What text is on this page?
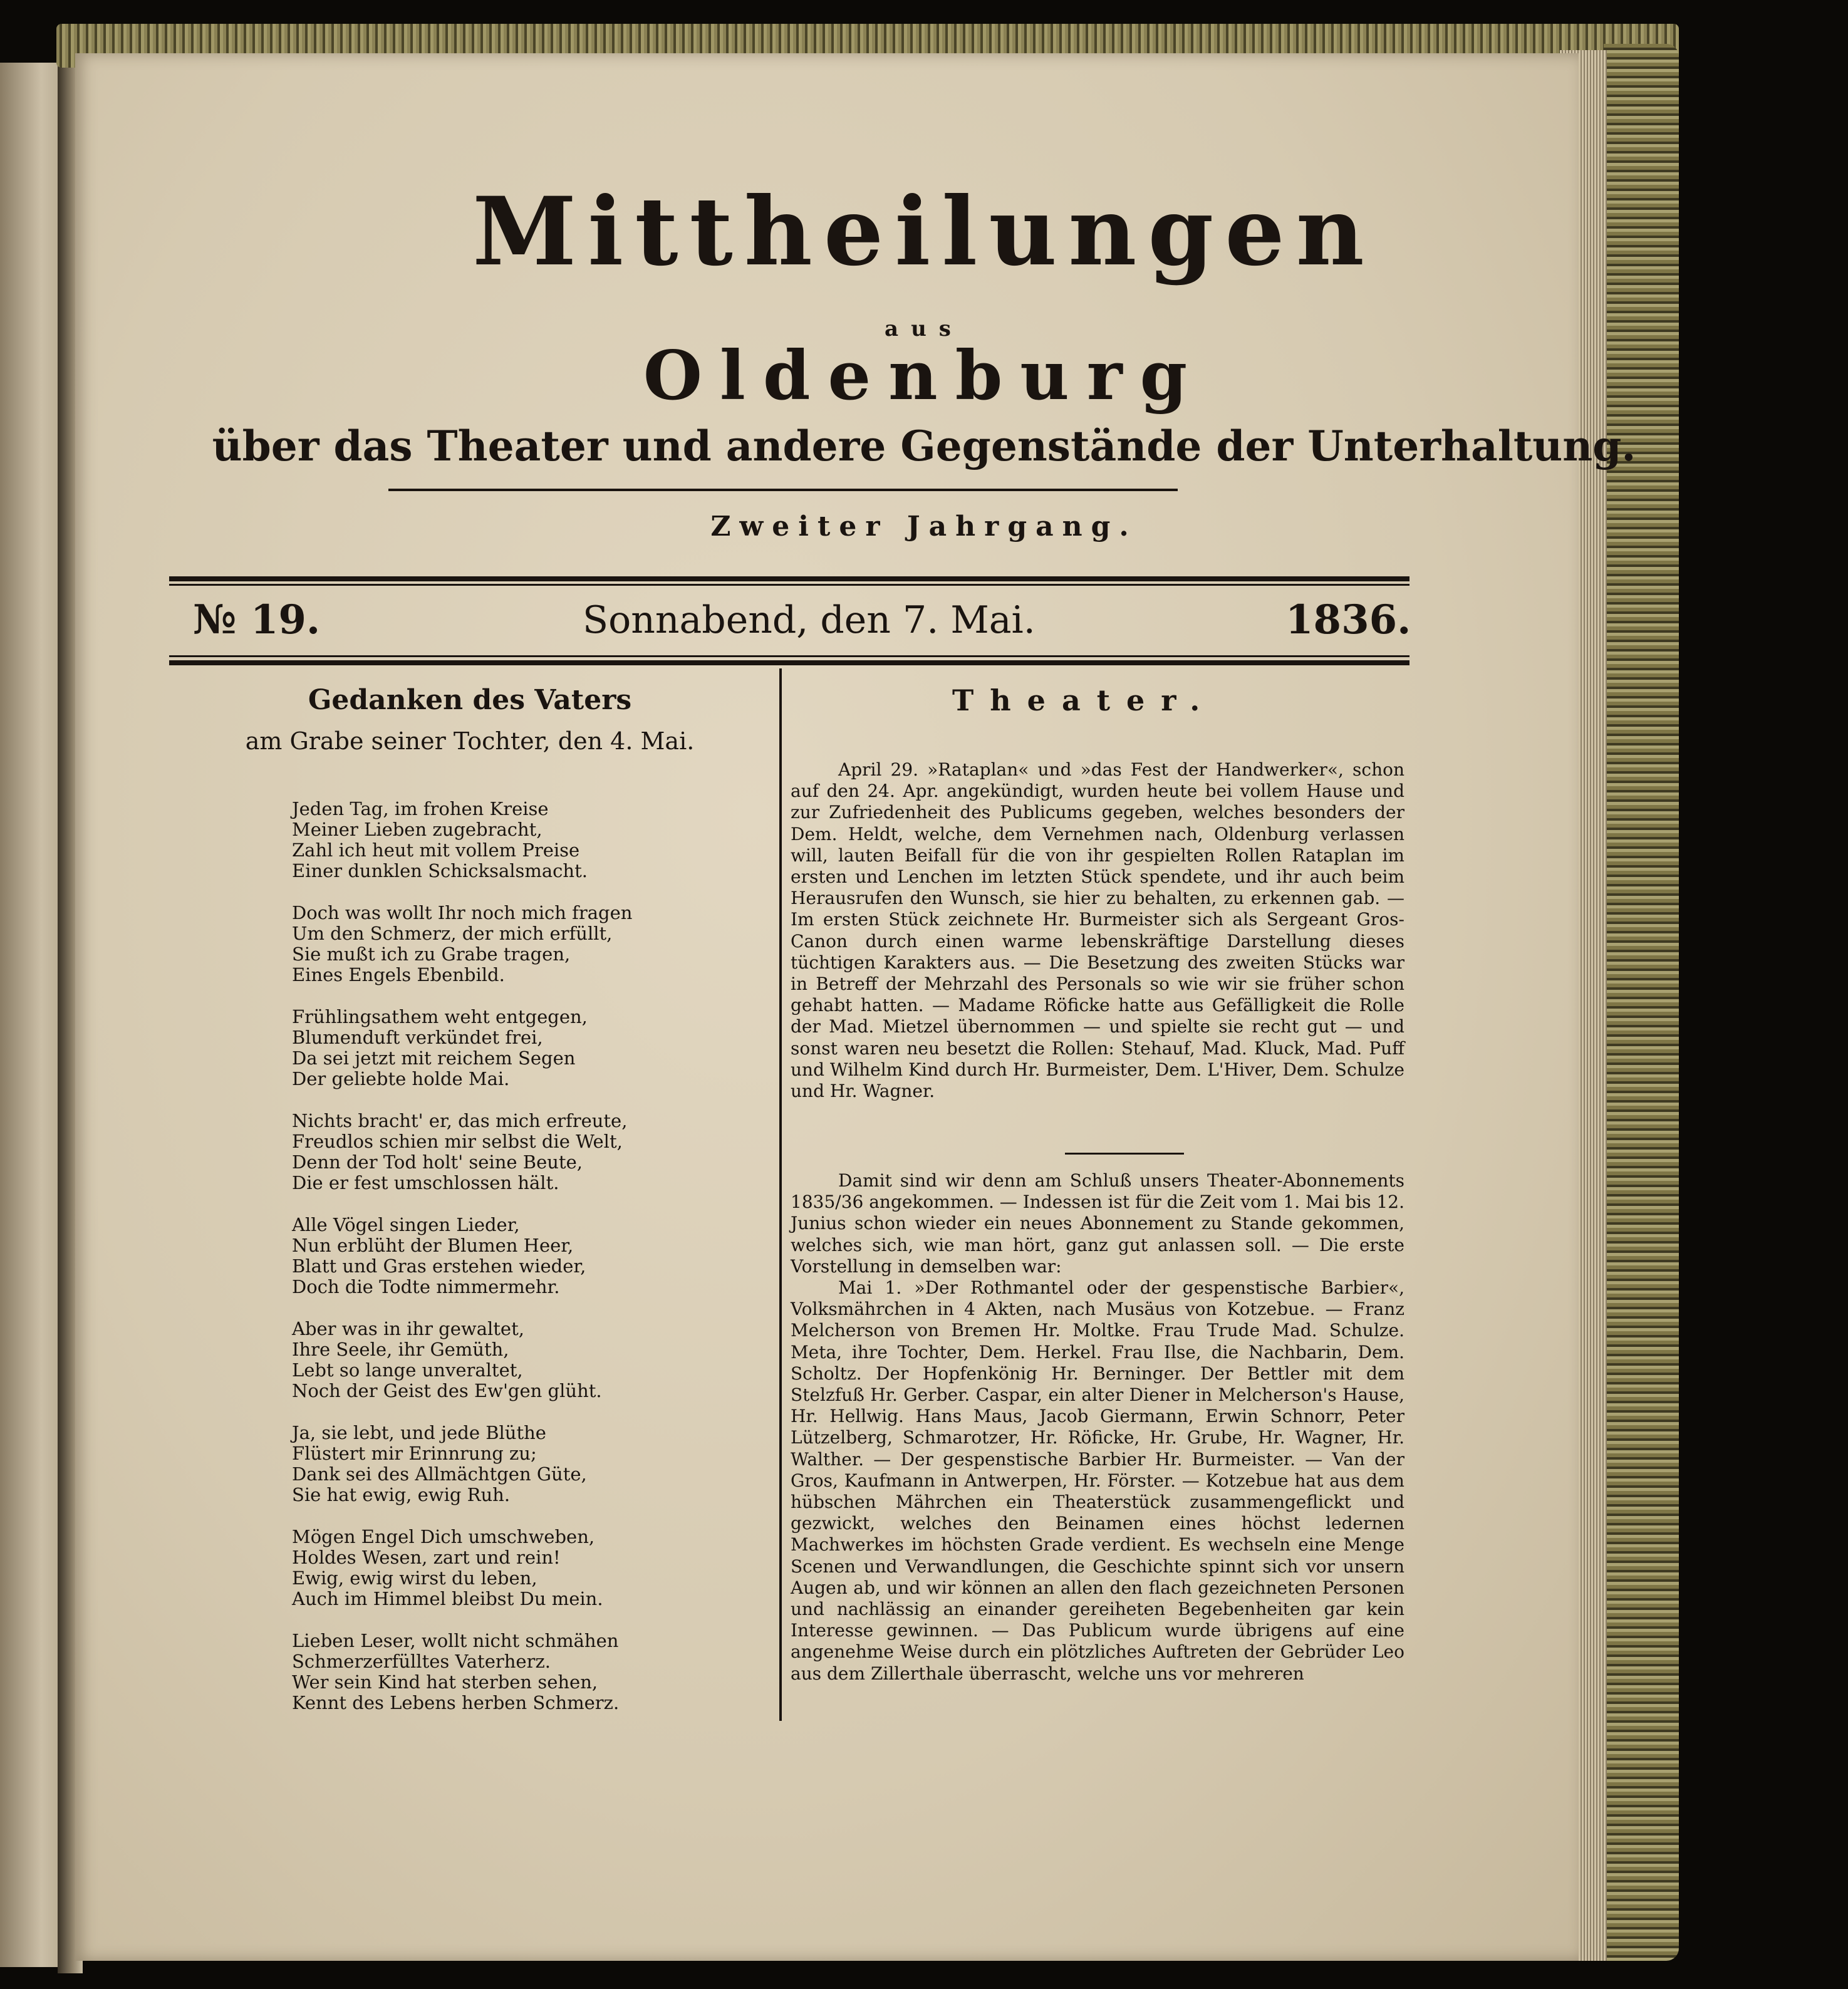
Mittheilungen
aus
Oldenburg
über das Theater und andere Gegenstände der Unterhaltung.
Zweiter Jahrgang.
№ 19.	Sonnabend, den 7. Mai.	1836.
Gedanken des Vaters
am Grabe seiner Tochter, den 4. Mai.
Jeden Tag, im frohen Kreise
Meiner Lieben zugebracht,
Zahl ich heut mit vollem Preise
Einer dunklen Schicksalsmacht.
Doch was wollt Ihr noch mich fragen
Um den Schmerz, der mich erfüllt,
Sie mußt ich zu Grabe tragen,
Eines Engels Ebenbild.
Frühlingsathem weht entgegen,
Blumenduft verkündet frei,
Da sei jetzt mit reichem Segen
Der geliebte holde Mai.
Nichts bracht' er, das mich erfreute,
Freudlos schien mir selbst die Welt,
Denn der Tod holt' seine Beute,
Die er fest umschlossen hält.
Alle Vögel singen Lieder,
Nun erblüht der Blumen Heer,
Blatt und Gras erstehen wieder,
Doch die Todte nimmermehr.
Aber was in ihr gewaltet,
Ihre Seele, ihr Gemüth,
Lebt so lange unveraltet,
Noch der Geist des Ew'gen glüht.
Ja, sie lebt, und jede Blüthe
Flüstert mir Erinnrung zu;
Dank sei des Allmächtgen Güte,
Sie hat ewig, ewig Ruh.
Mögen Engel Dich umschweben,
Holdes Wesen, zart und rein!
Ewig, ewig wirst du leben,
Auch im Himmel bleibst Du mein.
Lieben Leser, wollt nicht schmähen
Schmerzerfülltes Vaterherz.
Wer sein Kind hat sterben sehen,
Kennt des Lebens herben Schmerz.
Theater.

April 29. »Rataplan« und »das Fest der Handwerker«, schon auf den 24. Apr. angekündigt, wurden heute bei vollem Hause und zur Zufriedenheit des Publicums gegeben, welches besonders der Dem. Heldt, welche, dem Vernehmen nach, Oldenburg verlassen will, lauten Beifall für die von ihr gespielten Rollen Rataplan im ersten und Lenchen im letzten Stück spendete, und ihr auch beim Herausrufen den Wunsch, sie hier zu behalten, zu erkennen gab. — Im ersten Stück zeichnete Hr. Burmeister sich als Sergeant Gros-Canon durch einen warme lebenskräftige Darstellung dieses tüchtigen Karakters aus. — Die Besetzung des zweiten Stücks war in Betreff der Mehrzahl des Personals so wie wir sie früher schon gehabt hatten. — Madame Röficke hatte aus Gefälligkeit die Rolle der Mad. Mietzel übernommen — und spielte sie recht gut — und sonst waren neu besetzt die Rollen: Stehauf, Mad. Kluck, Mad. Puff und Wilhelm Kind durch Hr. Burmeister, Dem. L'Hiver, Dem. Schulze und Hr. Wagner.

Damit sind wir denn am Schluß unsers Theater-Abonnements 1835/36 angekommen. — Indessen ist für die Zeit vom 1. Mai bis 12. Junius schon wieder ein neues Abonnement zu Stande gekommen, welches sich, wie man hört, ganz gut anlassen soll. — Die erste Vorstellung in demselben war:

Mai 1. »Der Rothmantel oder der gespenstische Barbier«, Volksmährchen in 4 Akten, nach Musäus von Kotzebue. — Franz Melcherson von Bremen Hr. Moltke. Frau Trude Mad. Schulze. Meta, ihre Tochter, Dem. Herkel. Frau Ilse, die Nachbarin, Dem. Scholtz. Der Hopfenkönig Hr. Berninger. Der Bettler mit dem Stelzfuß Hr. Gerber. Caspar, ein alter Diener in Melcherson's Hause, Hr. Hellwig. Hans Maus, Jacob Giermann, Erwin Schnorr, Peter Lützelberg, Schmarotzer, Hr. Röficke, Hr. Grube, Hr. Wagner, Hr. Walther. — Der gespenstische Barbier Hr. Burmeister. — Van der Gros, Kaufmann in Antwerpen, Hr. Förster. — Kotzebue hat aus dem hübschen Mährchen ein Theaterstück zusammengeflickt und gezwickt, welches den Beinamen eines höchst ledernen Machwerkes im höchsten Grade verdient. Es wechseln eine Menge Scenen und Verwandlungen, die Geschichte spinnt sich vor unsern Augen ab, und wir können an allen den flach gezeichneten Personen und nachlässig an einander gereiheten Begebenheiten gar kein Interesse gewinnen. — Das Publicum wurde übrigens auf eine angenehme Weise durch ein plötzliches Auftreten der Gebrüder Leo aus dem Zillerthale überrascht, welche uns vor mehreren
